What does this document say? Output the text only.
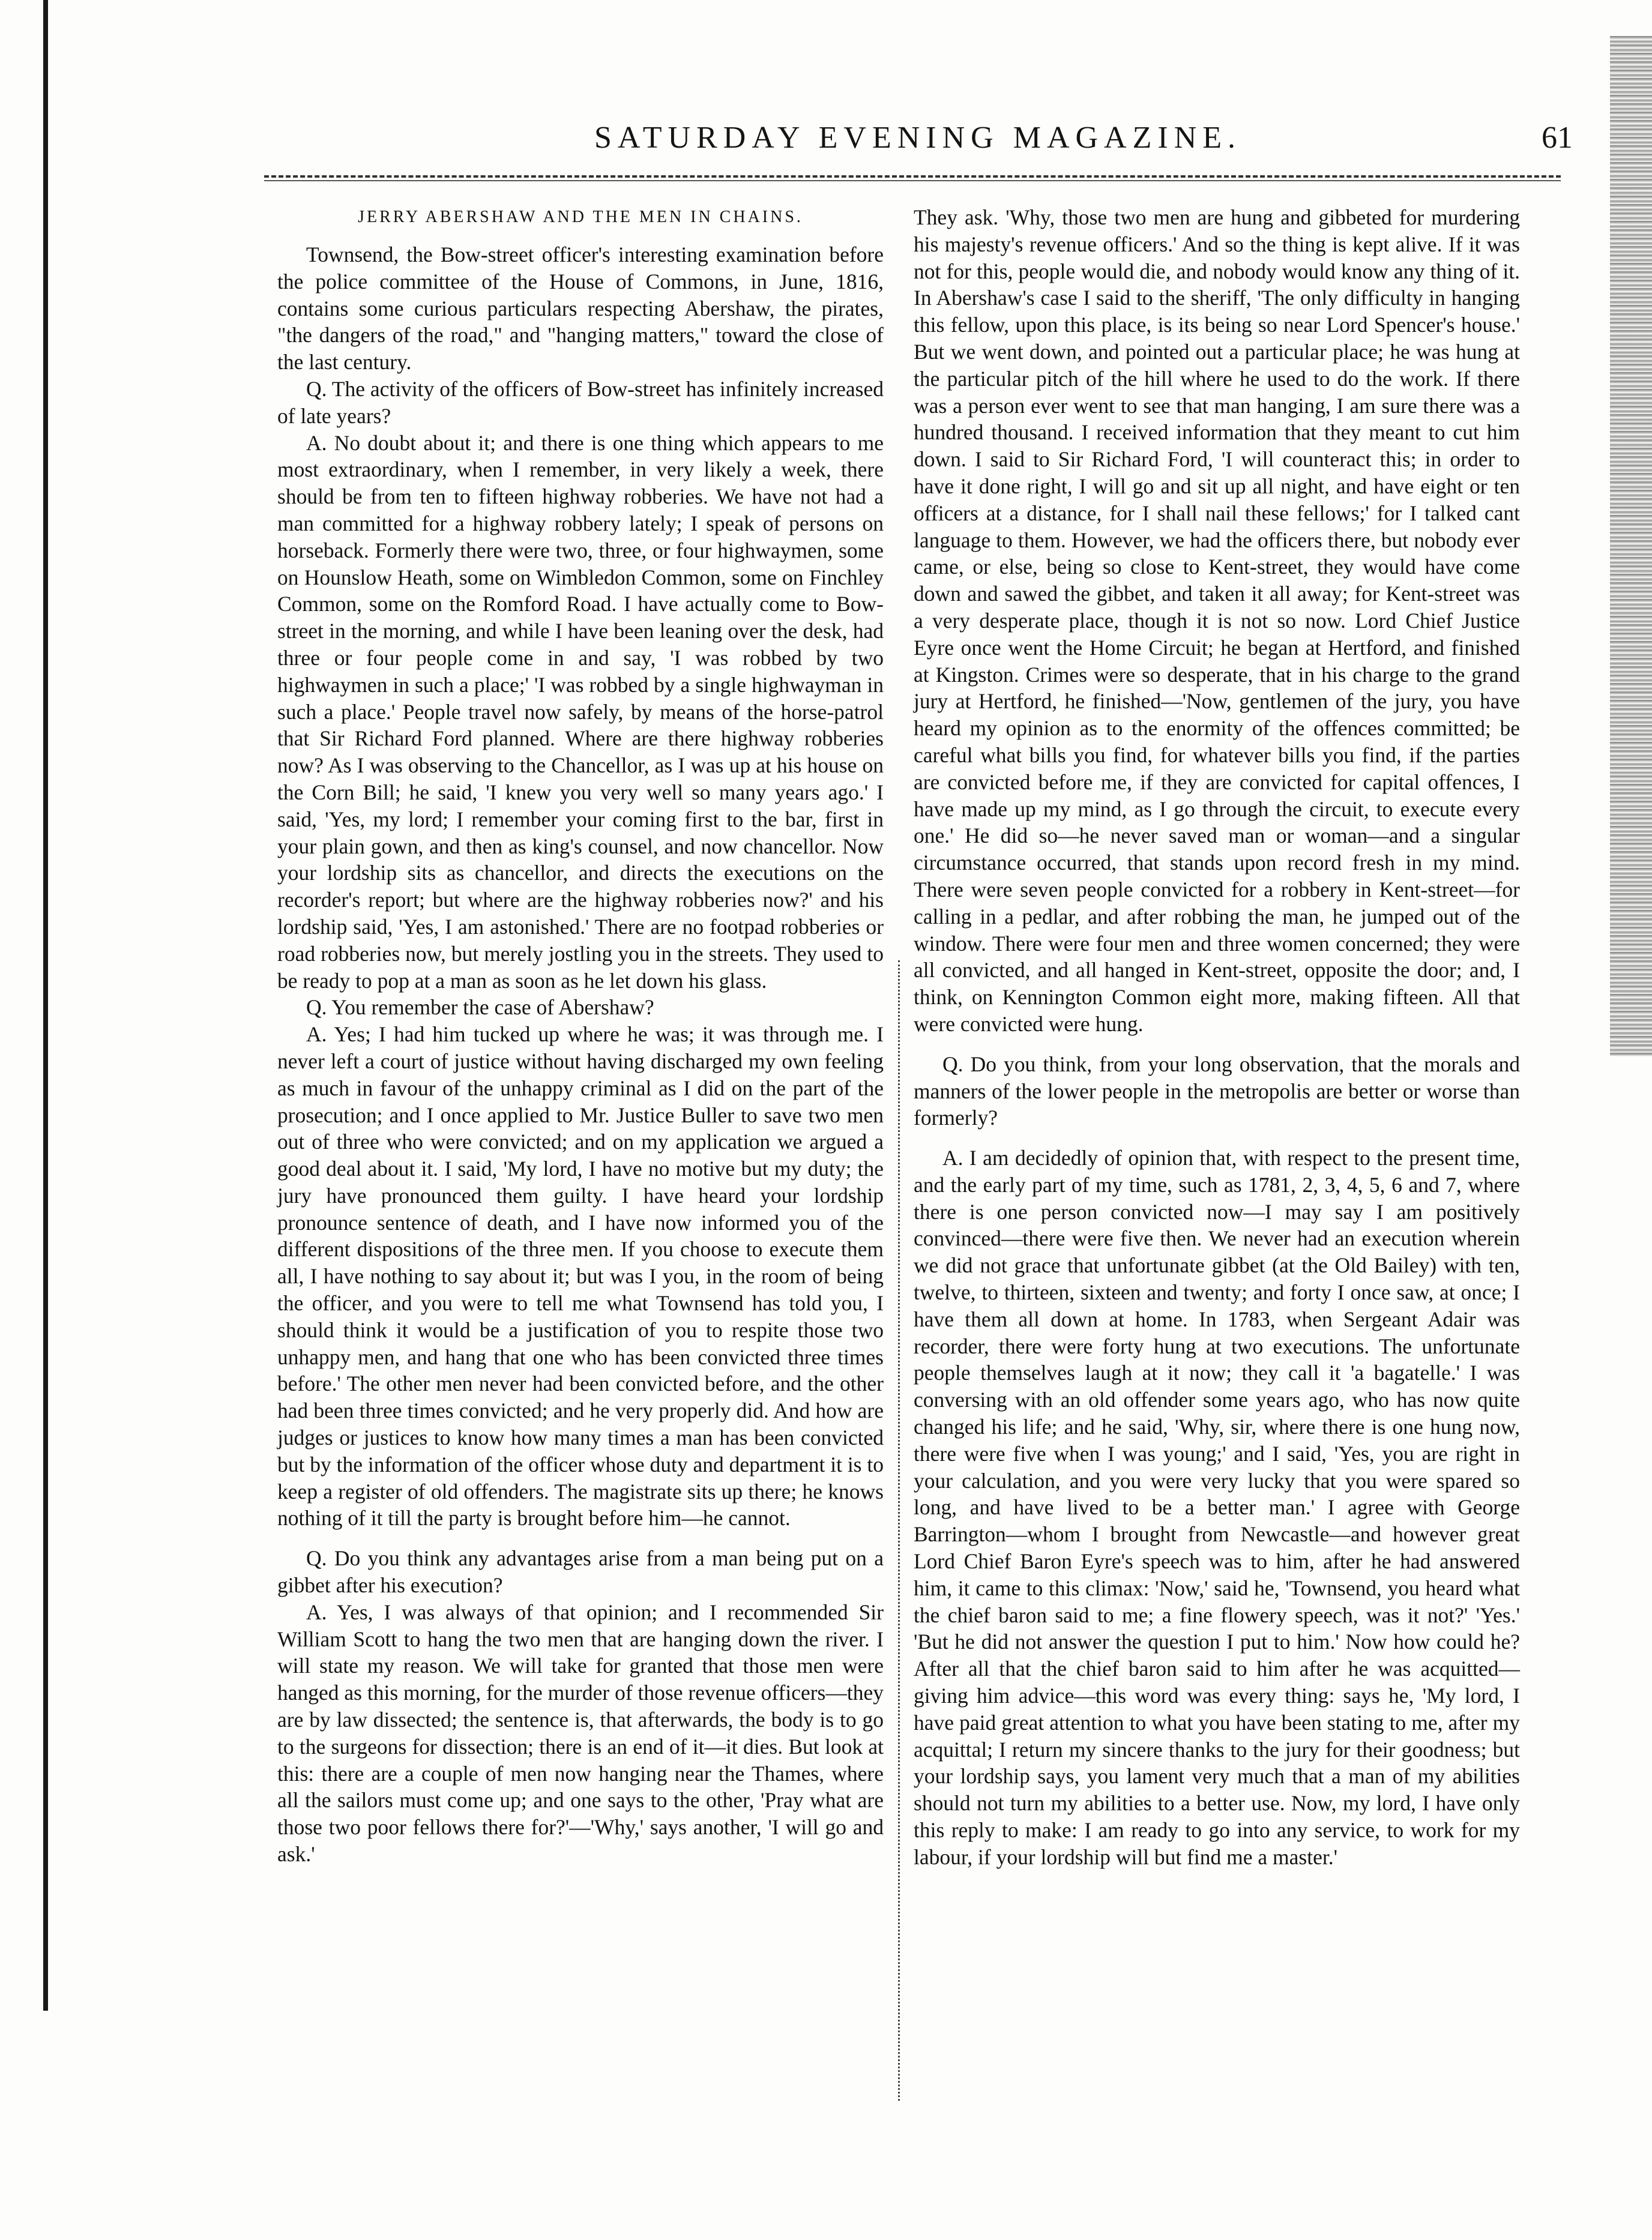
SATURDAY EVENING MAGAZINE.	61
JERRY ABERSHAW AND THE MEN IN CHAINS.

Townsend, the Bow-street officer's interesting examination before the police committee of the House of Commons, in June, 1816, contains some curious particulars respecting Abershaw, the pirates, "the dangers of the road," and "hanging matters," toward the close of the last century.

Q. The activity of the officers of Bow-street has infinitely increased of late years?

A. No doubt about it; and there is one thing which appears to me most extraordinary, when I remember, in very likely a week, there should be from ten to fifteen highway robberies. We have not had a man committed for a highway robbery lately; I speak of persons on horseback. Formerly there were two, three, or four highwaymen, some on Hounslow Heath, some on Wimbledon Common, some on Finchley Common, some on the Romford Road. I have actually come to Bow-street in the morning, and while I have been leaning over the desk, had three or four people come in and say, 'I was robbed by two highwaymen in such a place;' 'I was robbed by a single highwayman in such a place.' People travel now safely, by means of the horse-patrol that Sir Richard Ford planned. Where are there highway robberies now? As I was observing to the Chancellor, as I was up at his house on the Corn Bill; he said, 'I knew you very well so many years ago.' I said, 'Yes, my lord; I remember your coming first to the bar, first in your plain gown, and then as king's counsel, and now chancellor. Now your lordship sits as chancellor, and directs the executions on the recorder's report; but where are the highway robberies now?' and his lordship said, 'Yes, I am astonished.' There are no footpad robberies or road robberies now, but merely jostling you in the streets. They used to be ready to pop at a man as soon as he let down his glass.

Q. You remember the case of Abershaw?

A. Yes; I had him tucked up where he was; it was through me. I never left a court of justice without having discharged my own feeling as much in favour of the unhappy criminal as I did on the part of the prosecution; and I once applied to Mr. Justice Buller to save two men out of three who were convicted; and on my application we argued a good deal about it. I said, 'My lord, I have no motive but my duty; the jury have pronounced them guilty. I have heard your lordship pronounce sentence of death, and I have now informed you of the different dispositions of the three men. If you choose to execute them all, I have nothing to say about it; but was I you, in the room of being the officer, and you were to tell me what Townsend has told you, I should think it would be a justification of you to respite those two unhappy men, and hang that one who has been convicted three times before.' The other men never had been convicted before, and the other had been three times convicted; and he very properly did. And how are judges or justices to know how many times a man has been convicted but by the information of the officer whose duty and department it is to keep a register of old offenders. The magistrate sits up there; he knows nothing of it till the party is brought before him—he cannot.

Q. Do you think any advantages arise from a man being put on a gibbet after his execution?

A. Yes, I was always of that opinion; and I recommended Sir William Scott to hang the two men that are hanging down the river. I will state my reason. We will take for granted that those men were hanged as this morning, for the murder of those revenue officers—they are by law dissected; the sentence is, that afterwards, the body is to go to the surgeons for dissection; there is an end of it—it dies. But look at this: there are a couple of men now hanging near the Thames, where all the sailors must come up; and one says to the other, 'Pray what are those two poor fellows there for?'—'Why,' says another, 'I will go and ask.'

They ask. 'Why, those two men are hung and gibbeted for murdering his majesty's revenue officers.' And so the thing is kept alive. If it was not for this, people would die, and nobody would know any thing of it. In Abershaw's case I said to the sheriff, 'The only difficulty in hanging this fellow, upon this place, is its being so near Lord Spencer's house.' But we went down, and pointed out a particular place; he was hung at the particular pitch of the hill where he used to do the work. If there was a person ever went to see that man hanging, I am sure there was a hundred thousand. I received information that they meant to cut him down. I said to Sir Richard Ford, 'I will counteract this; in order to have it done right, I will go and sit up all night, and have eight or ten officers at a distance, for I shall nail these fellows;' for I talked cant language to them. However, we had the officers there, but nobody ever came, or else, being so close to Kent-street, they would have come down and sawed the gibbet, and taken it all away; for Kent-street was a very desperate place, though it is not so now. Lord Chief Justice Eyre once went the Home Circuit; he began at Hertford, and finished at Kingston. Crimes were so desperate, that in his charge to the grand jury at Hertford, he finished—'Now, gentlemen of the jury, you have heard my opinion as to the enormity of the offences committed; be careful what bills you find, for whatever bills you find, if the parties are convicted before me, if they are convicted for capital offences, I have made up my mind, as I go through the circuit, to execute every one.' He did so—he never saved man or woman—and a singular circumstance occurred, that stands upon record fresh in my mind. There were seven people convicted for a robbery in Kent-street—for calling in a pedlar, and after robbing the man, he jumped out of the window. There were four men and three women concerned; they were all convicted, and all hanged in Kent-street, opposite the door; and, I think, on Kennington Common eight more, making fifteen. All that were convicted were hung.

Q. Do you think, from your long observation, that the morals and manners of the lower people in the metropolis are better or worse than formerly?

A. I am decidedly of opinion that, with respect to the present time, and the early part of my time, such as 1781, 2, 3, 4, 5, 6 and 7, where there is one person convicted now—I may say I am positively convinced—there were five then. We never had an execution wherein we did not grace that unfortunate gibbet (at the Old Bailey) with ten, twelve, to thirteen, sixteen and twenty; and forty I once saw, at once; I have them all down at home. In 1783, when Sergeant Adair was recorder, there were forty hung at two executions. The unfortunate people themselves laugh at it now; they call it 'a bagatelle.' I was conversing with an old offender some years ago, who has now quite changed his life; and he said, 'Why, sir, where there is one hung now, there were five when I was young;' and I said, 'Yes, you are right in your calculation, and you were very lucky that you were spared so long, and have lived to be a better man.' I agree with George Barrington—whom I brought from Newcastle—and however great Lord Chief Baron Eyre's speech was to him, after he had answered him, it came to this climax: 'Now,' said he, 'Townsend, you heard what the chief baron said to me; a fine flowery speech, was it not?' 'Yes.' 'But he did not answer the question I put to him.' Now how could he? After all that the chief baron said to him after he was acquitted—giving him advice—this word was every thing: says he, 'My lord, I have paid great attention to what you have been stating to me, after my acquittal; I return my sincere thanks to the jury for their goodness; but your lordship says, you lament very much that a man of my abilities should not turn my abilities to a better use. Now, my lord, I have only this reply to make: I am ready to go into any service, to work for my labour, if your lordship will but find me a master.'
